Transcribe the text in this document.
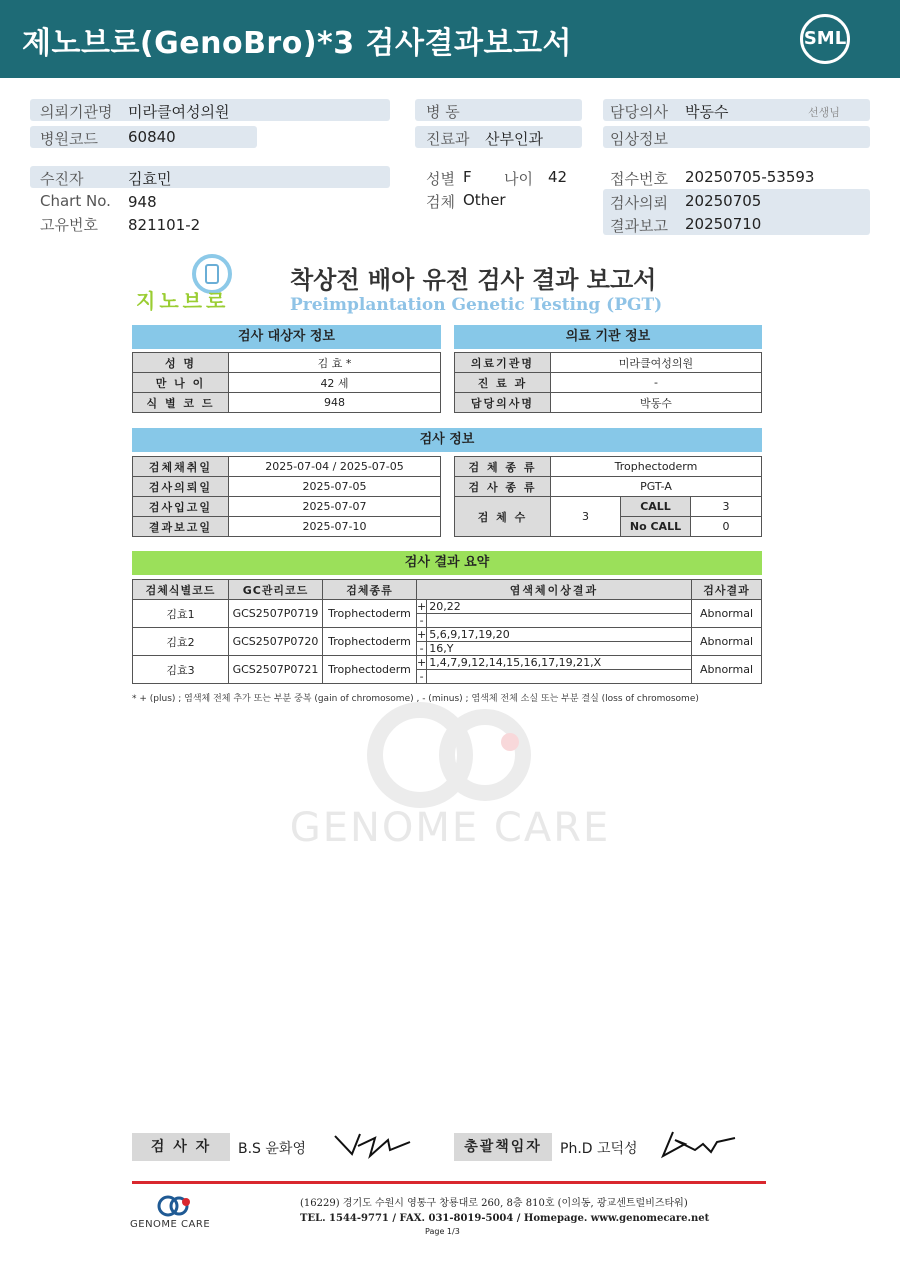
제노브로(GenoBro)*3 검사결과보고서	SML
의뢰기관명 미라클여성의원
병원코드 60840
수진자	김효민
Chart No. 948
고유번호 821101-2
병 동
진료과 산부인과
성별 F 나이 42
검체 Other
담당의사 박동수	선생님
임상정보
접수번호 20250705-53593
검사의뢰 20250705
결과보고 20250710
지노브로
착상전 배아 유전 검사 결과 보고서
Preimplantation Genetic Testing (PGT)
검사 대상자 정보	의료 기관 정보
성 명	김 효 *
만 나 이	42 세
식 별 코 드	948
의료기관명	미라클여성의원
진 료 과	-
담당의사명	박동수
검사 정보
검체채취일	2025-07-04 / 2025-07-05
검사의뢰일	2025-07-05
검사입고일	2025-07-07
결과보고일	2025-07-10
검 체 종 류	Trophectoderm		
검 사 종 류	PGT-A		
검 체 수	3	CALL	3
		No CALL	0
검사 결과 요약
검체식별코드	GC관리코드	검체종류	염색체이상결과		검사결과
김효1	GCS2507P0719	Trophectoderm	+	20,22	Abnormal
			-		
김효2	GCS2507P0720	Trophectoderm	+	5,6,9,17,19,20	Abnormal
			-	16,Y	
김효3	GCS2507P0721	Trophectoderm	+	1,4,7,9,12,14,15,16,17,19,21,X	Abnormal
			-		
* + (plus) ; 염색체 전체 추가 또는 부분 중복 (gain of chromosome) , - (minus) ; 염색체 전체 소실 또는 부분 결실 (loss of chromosome)
GENOME CARE
검 사 자	B.S 윤화영	총괄책임자	Ph.D 고덕성
GENOME CARE
(16229) 경기도 수원시 영통구 창룡대로 260, 8층 810호 (이의동, 광교센트럴비즈타워)
TEL. 1544-9771 / FAX. 031-8019-5004 / Homepage. www.genomecare.net
Page 1/3
